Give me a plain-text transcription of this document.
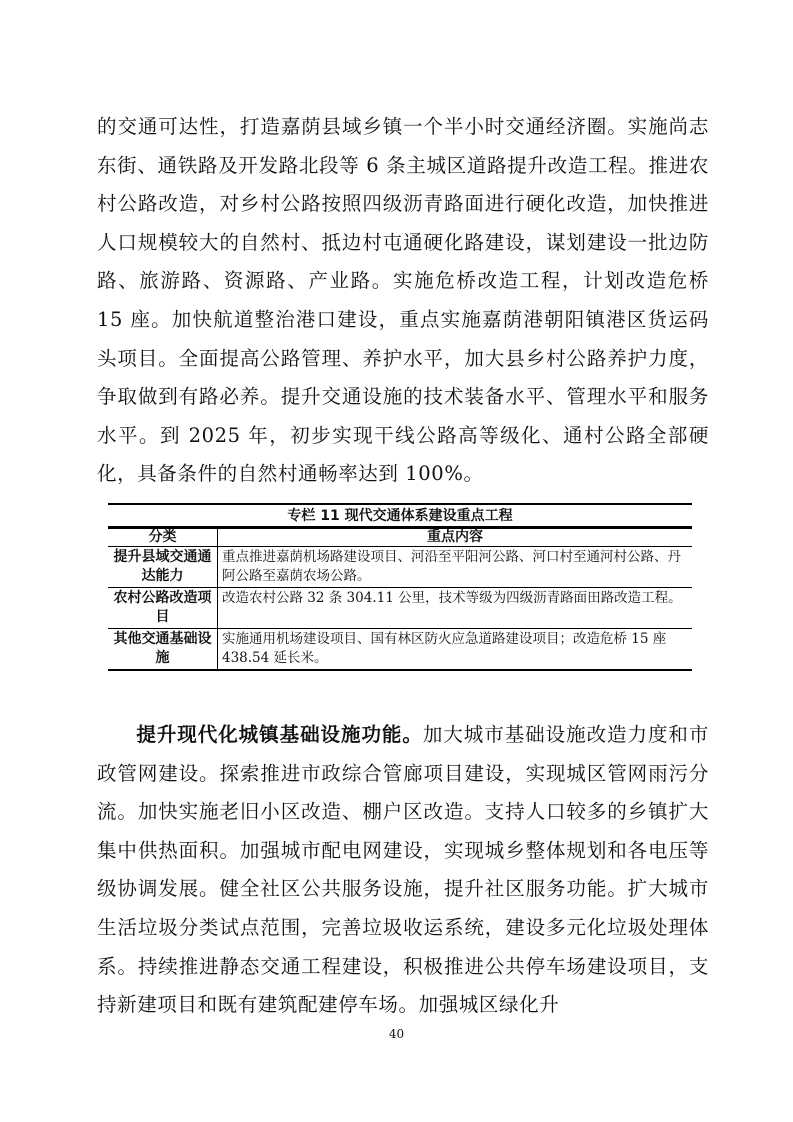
的交通可达性，打造嘉荫县域乡镇一个半小时交通经济圈。实施尚志东街、通铁路及开发路北段等 6 条主城区道路提升改造工程。推进农村公路改造，对乡村公路按照四级沥青路面进行硬化改造，加快推进人口规模较大的自然村、抵边村屯通硬化路建设，谋划建设一批边防路、旅游路、资源路、产业路。实施危桥改造工程，计划改造危桥 15 座。加快航道整治港口建设，重点实施嘉荫港朝阳镇港区货运码头项目。全面提高公路管理、养护水平，加大县乡村公路养护力度，争取做到有路必养。提升交通设施的技术装备水平、管理水平和服务水平。到 2025 年，初步实现干线公路高等级化、通村公路全部硬化，具备条件的自然村通畅率达到 100%。

专栏 11 现代交通体系建设重点工程
分类	重点内容
提升县域交通通达能力	重点推进嘉荫机场路建设项目、河沿至平阳河公路、河口村至通河村公路、丹阿公路至嘉荫农场公路。
农村公路改造项目	改造农村公路 32 条 304.11 公里，技术等级为四级沥青路面田路改造工程。
其他交通基础设施	实施通用机场建设项目、国有林区防火应急道路建设项目；改造危桥 15 座 438.54 延长米。

提升现代化城镇基础设施功能。加大城市基础设施改造力度和市政管网建设。探索推进市政综合管廊项目建设，实现城区管网雨污分流。加快实施老旧小区改造、棚户区改造。支持人口较多的乡镇扩大集中供热面积。加强城市配电网建设，实现城乡整体规划和各电压等级协调发展。健全社区公共服务设施，提升社区服务功能。扩大城市生活垃圾分类试点范围，完善垃圾收运系统，建设多元化垃圾处理体系。持续推进静态交通工程建设，积极推进公共停车场建设项目，支持新建项目和既有建筑配建停车场。加强城区绿化升

40
